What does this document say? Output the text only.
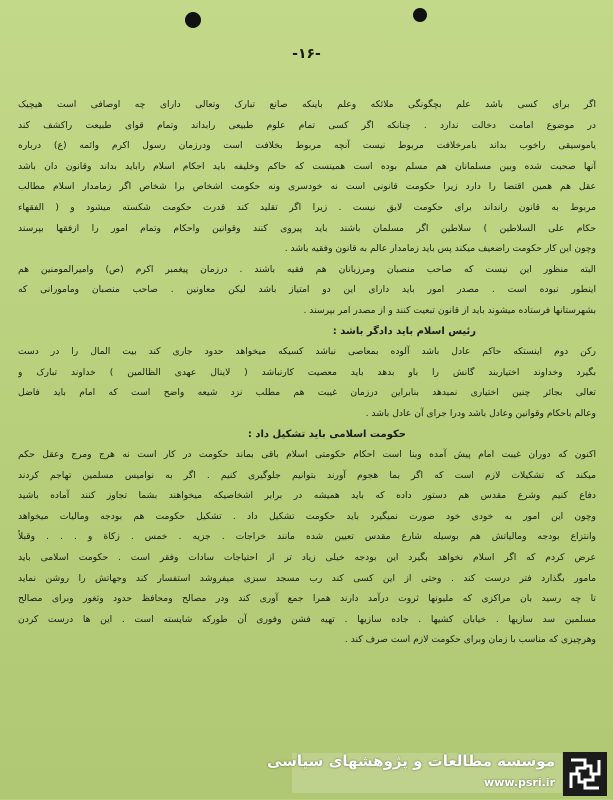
-۱۶-
اگر برای کسی باشد علم بچگونگی ملائکه وعلم باینکه صانع تبارک وتعالی دارای چه اوصافی است هیچیک
در موضوع امامت دخالت ندارد . چنانکه اگر کسی تمام علوم طبیعی رابداند وتمام قوای طبیعت راکشف کند
یاموسیقی راخوب بداند بامرخلافت مربوط نیست آنچه مربوط بخلافت است ودرزمان رسول اکرم وائمه (ع) درباره
آنها صحبت شده وبین مسلمانان هم مسلم بوده است همینست که حاکم وخلیفه باید احکام اسلام راباید بداند وقانون دان باشد
عقل هم همین اقتضا را دارد زیرا حکومت قانونی است نه خودسری ونه حکومت اشخاص برا شخاص اگر زمامدار اسلام مطالب
مربوط به قانون رانداند برای حکومت لایق نیست . زیرا اگر تقلید کند قدرت حکومت شکسته میشود و ( الفقهاء
حکام علی السلاطین ) سلاطین اگر مسلمان باشند باید پیروی کنند وقوانین واحکام وتمام امور را ازفقها بپرسند
وچون این کار حکومت راضعیف میکند پس باید زمامدار عالم به قانون وفقیه باشد .
البته منظور این نیست که صاحب منصبان ومرزبانان هم فقیه باشند . درزمان پیغمبر اکرم (ص) وامیرالمومنین هم
اینطور نبوده است . مصدر امور باید دارای این دو امتیاز باشد لیکن معاونین . صاحب منصبان ومامورانی که
بشهرستانها فرستاده میشوند باید از قانون تبعیت کنند و از مصدر امر بپرسند .
رئیس اسلام باید دادگر باشد :
رکن دوم اینستکه حاکم عادل باشد آلوده بمعاصی نباشد کسیکه میخواهد حدود جاری کند بیت المال را در دست
بگیرد وخداوند اختیاربند گانش را باو بدهد باید معصیت کارنباشد ( لاینال عهدی الظالمین ) خداوند تبارک و
تعالی بجائر چنین اختیاری نمیدهد بنابراین درزمان غیبت هم مطلب نزد شیعه واضح است که امام باید فاضل
وعالم باحکام وقوانین وعادل باشد ودرا جرای آن عادل باشد .
حکومت اسلامی باید تشکیل داد :
اکنون که دوران غیبت امام پیش آمده وبنا است احکام حکومتی اسلام باقی بماند حکومت در کار است نه هرج ومرج وعقل حکم
میکند که تشکیلات لازم است که اگر بما هجوم آورند بتوانیم جلوگیری کنیم . اگر به نوامیس مسلمین تهاجم کردند
دفاع کنیم وشرع مقدس هم دستور داده که باید همیشه در برابر اشخاصیکه میخواهند بشما تجاوز کنند آماده باشید
وچون این امور به خودی خود صورت نمیگیرد باید حکومت تشکیل داد . تشکیل حکومت هم بودجه ومالیات میخواهد
وانتزاع بودجه ومالیاتش هم بوسیله شارع مقدس تعیین شده مانند خراجات . جزیه . خمس . زکاة و . . . وقبلاً
عرض کردم که اگر اسلام نخواهد بگیرد این بودجه خیلی زیاد تر از احتیاجات سادات وفقر است . حکومت اسلامی باید
مامور بگذارد فتر درست کند . وحتی از این کسی کند رب مسجد سبزی میفروشد استفسار کند وجهاتش را روشن نماید
تا چه رسید بان مراکزی که ملیونها ثروت درآمد دارند همرا جمع آوری کند ودر مصالح ومحافظ حدود وثغور وبرای مصالح
مسلمین سد سازیها . خیابان کشیها . جاده سازیها . تهیه فشن وفوری آن طورکه شایسته است . این ها درست کردن
وهرچیزی که مناسب با زمان وبرای حکومت لازم است صرف کند .
موسسه مطالعات و پژوهشهای سیاسی
www.psri.ir
